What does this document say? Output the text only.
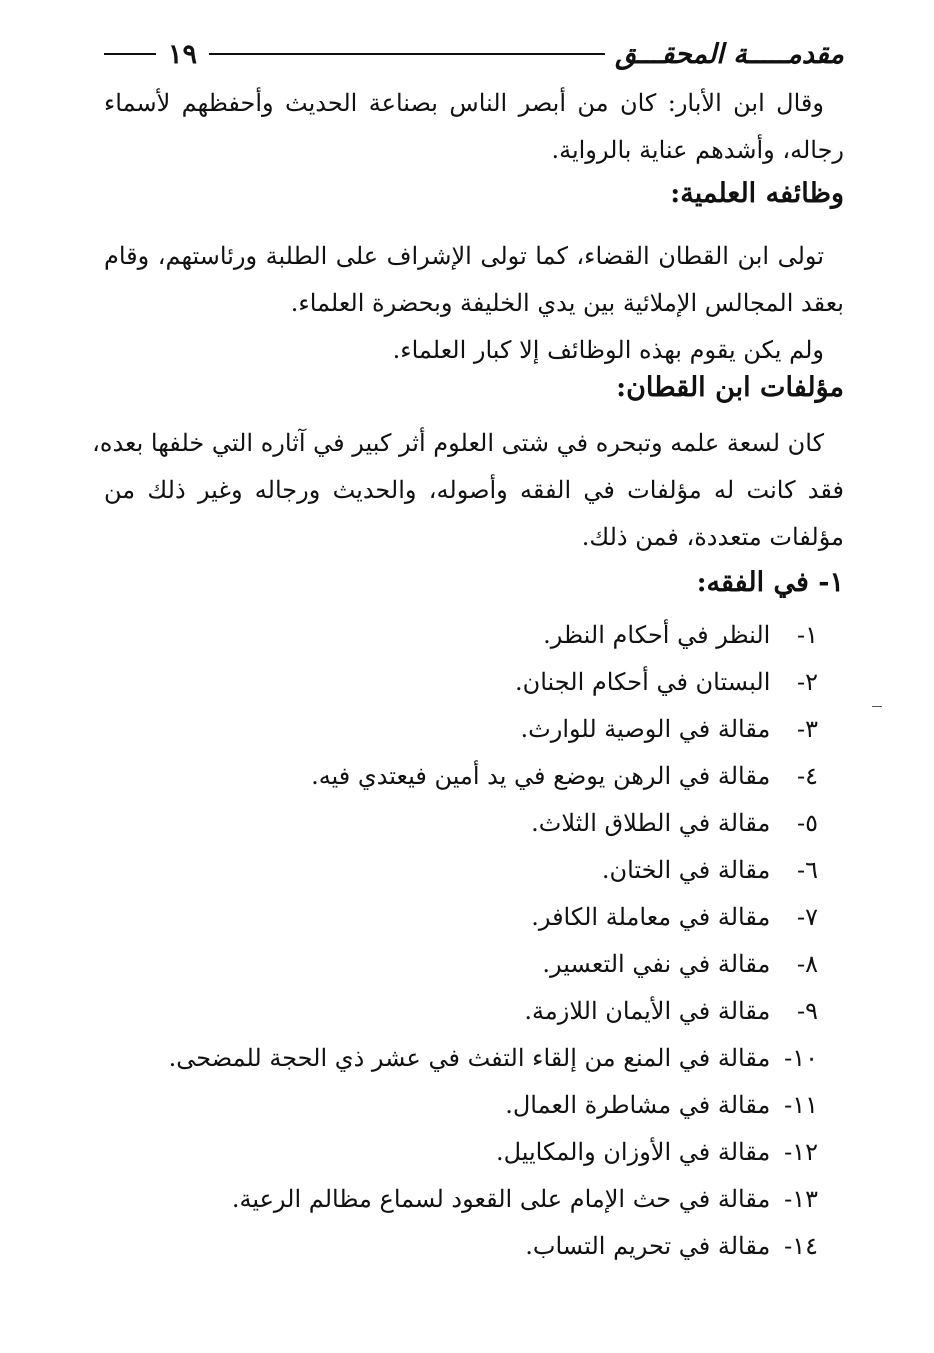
مقدمـــــة المحقـــق
١٩
وقال ابن الأبار: كان من أبصر الناس بصناعة الحديث وأحفظهم لأسماء
رجاله، وأشدهم عناية بالرواية.
وظائفه العلمية:
تولى ابن القطان القضاء، كما تولى الإشراف على الطلبة ورئاستهم، وقام
بعقد المجالس الإملائية بين يدي الخليفة وبحضرة العلماء.
ولم يكن يقوم بهذه الوظائف إلا كبار العلماء.
مؤلفات ابن القطان:
كان لسعة علمه وتبحره في شتى العلوم أثر كبير في آثاره التي خلفها بعده،
فقد كانت له مؤلفات في الفقه وأصوله، والحديث ورجاله وغير ذلك من
مؤلفات متعددة، فمن ذلك.
١- في الفقه:
١- النظر في أحكام النظر.
٢- البستان في أحكام الجنان.
٣- مقالة في الوصية للوارث.
٤- مقالة في الرهن يوضع في يد أمين فيعتدي فيه.
٥- مقالة في الطلاق الثلاث.
٦- مقالة في الختان.
٧- مقالة في معاملة الكافر.
٨- مقالة في نفي التعسير.
٩- مقالة في الأيمان اللازمة.
١٠- مقالة في المنع من إلقاء التفث في عشر ذي الحجة للمضحى.
١١- مقالة في مشاطرة العمال.
١٢- مقالة في الأوزان والمكاييل.
١٣- مقالة في حث الإمام على القعود لسماع مظالم الرعية.
١٤- مقالة في تحريم التساب.
